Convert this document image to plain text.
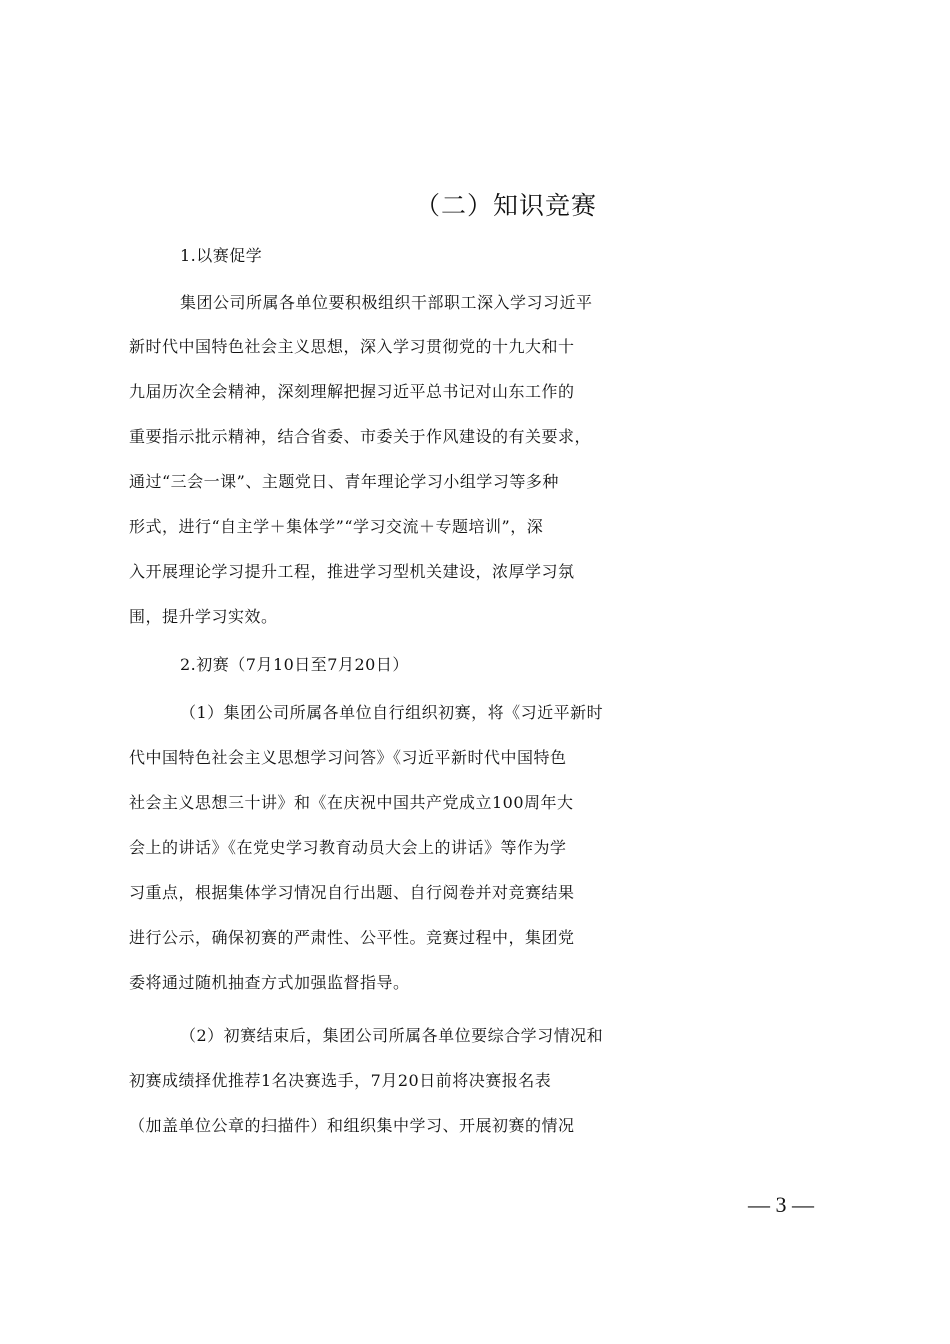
（二）知识竞赛
1.以赛促学
集团公司所属各单位要积极组织干部职工深入学习习近平
新时代中国特色社会主义思想，深入学习贯彻党的十九大和十
九届历次全会精神，深刻理解把握习近平总书记对山东工作的
重要指示批示精神，结合省委、市委关于作风建设的有关要求，
通过“三会一课”、主题党日、青年理论学习小组学习等多种
形式，进行“自主学＋集体学”“学习交流＋专题培训”，深
入开展理论学习提升工程，推进学习型机关建设，浓厚学习氛
围，提升学习实效。
2.初赛（7月10日至7月20日）
（1）集团公司所属各单位自行组织初赛，将《习近平新时
代中国特色社会主义思想学习问答》《习近平新时代中国特色
社会主义思想三十讲》和《在庆祝中国共产党成立100周年大
会上的讲话》《在党史学习教育动员大会上的讲话》等作为学
习重点，根据集体学习情况自行出题、自行阅卷并对竞赛结果
进行公示，确保初赛的严肃性、公平性。竞赛过程中，集团党
委将通过随机抽查方式加强监督指导。
（2）初赛结束后，集团公司所属各单位要综合学习情况和
初赛成绩择优推荐1名决赛选手，7月20日前将决赛报名表
（加盖单位公章的扫描件）和组织集中学习、开展初赛的情况
— 3 —
